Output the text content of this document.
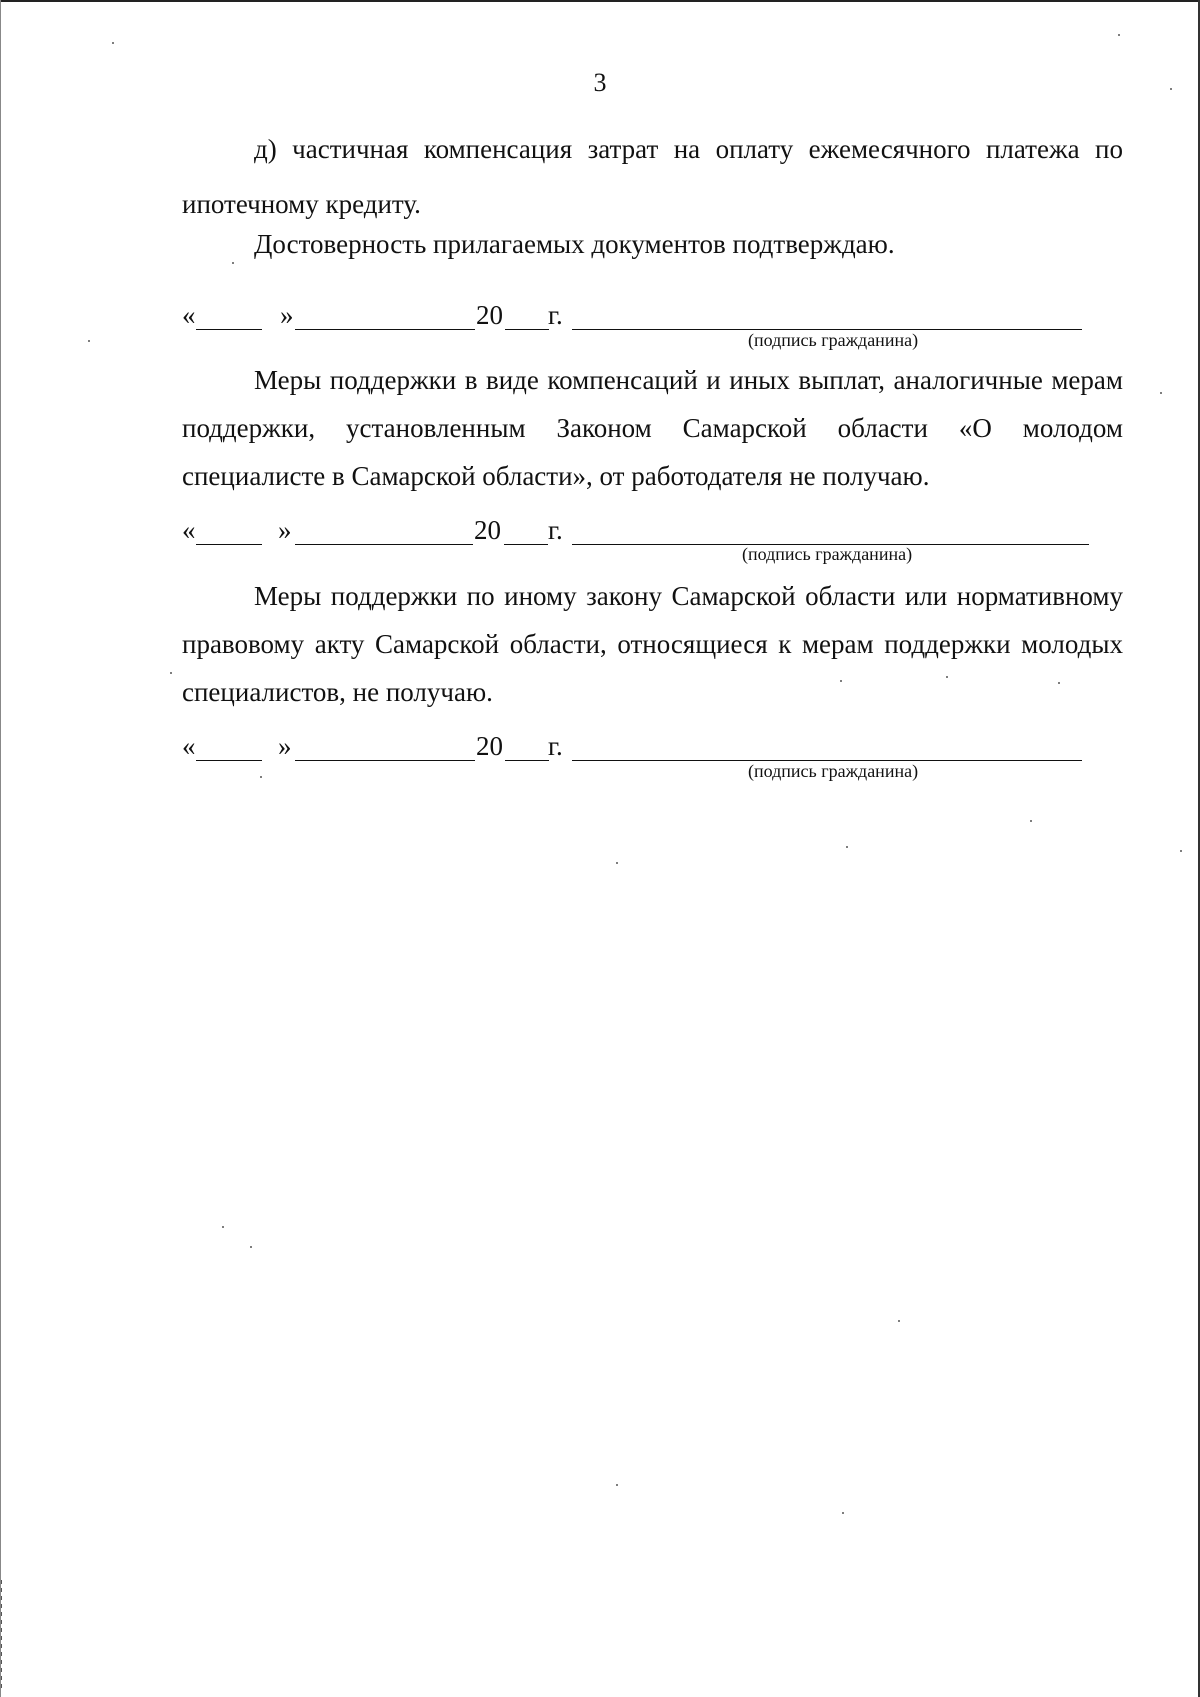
3

д) частичная компенсация затрат на оплату ежемесячного платежа по ипотечному кредиту.

Достоверность прилагаемых документов подтверждаю.

«	»	20 г.
(подпись гражданина)

Меры поддержки в виде компенсаций и иных выплат, аналогичные мерам поддержки, установленным Законом Самарской области «О молодом специалисте в Самарской области», от работодателя не получаю.

«	»	20 г.
(подпись гражданина)

Меры поддержки по иному закону Самарской области или нормативному правовому акту Самарской области, относящиеся к мерам поддержки молодых специалистов, не получаю.

«	»	20 г.
(подпись гражданина)
